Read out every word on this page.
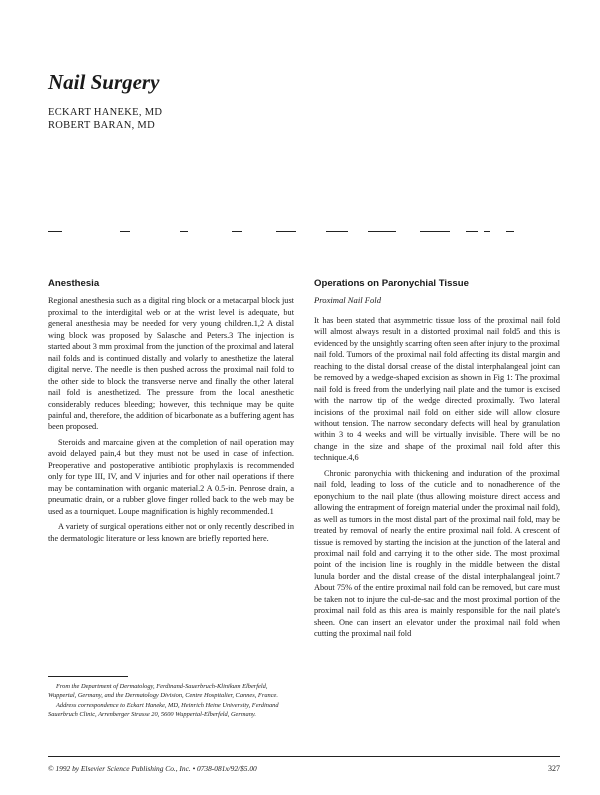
Nail Surgery
ECKART HANEKE, MD
ROBERT BARAN, MD
Anesthesia

Regional anesthesia such as a digital ring block or a metacarpal block just proximal to the interdigital web or at the wrist level is adequate, but general anesthesia may be needed for very young children.1,2 A distal wing block was proposed by Salasche and Peters.3 The injection is started about 3 mm proximal from the junction of the proximal and lateral nail folds and is continued distally and volarly to anesthetize the lateral digital nerve. The needle is then pushed across the proximal nail fold to the other side to block the transverse nerve and finally the other lateral nail fold is anesthetized. The pressure from the local anesthetic considerably reduces bleeding; however, this technique may be quite painful and, therefore, the addition of bicarbonate as a buffering agent has been proposed.

Steroids and marcaine given at the completion of nail operation may avoid delayed pain,4 but they must not be used in case of infection. Preoperative and postoperative antibiotic prophylaxis is recommended only for type III, IV, and V injuries and for other nail operations if there may be contamination with organic material.2 A 0.5-in. Penrose drain, a pneumatic drain, or a rubber glove finger rolled back to the web may be used as a tourniquet. Loupe magnification is highly recommended.1

A variety of surgical operations either not or only recently described in the dermatologic literature or less known are briefly reported here.

From the Department of Dermatology, Ferdinand-Sauerbruch-Klinikum Elberfeld, Wuppertal, Germany, and the Dermatology Division, Centre Hospitalier, Cannes, France.

Address correspondence to Eckart Haneke, MD, Heinrich Heine University, Ferdinand Sauerbruch Clinic, Arrenberger Strasse 20, 5600 Wuppertal-Elberfeld, Germany.

Operations on Paronychial Tissue
Proximal Nail Fold

It has been stated that asymmetric tissue loss of the proximal nail fold will almost always result in a distorted proximal nail fold5 and this is evidenced by the unsightly scarring often seen after injury to the proximal nail fold. Tumors of the proximal nail fold affecting its distal margin and reaching to the distal dorsal crease of the distal interphalangeal joint can be removed by a wedge-shaped excision as shown in Fig 1: The proximal nail fold is freed from the underlying nail plate and the tumor is excised with the narrow tip of the wedge directed proximally. Two lateral incisions of the proximal nail fold on either side will allow closure without tension. The narrow secondary defects will heal by granulation within 3 to 4 weeks and will be virtually invisible. There will be no change in the size and shape of the proximal nail fold after this technique.4,6

Chronic paronychia with thickening and induration of the proximal nail fold, leading to loss of the cuticle and to nonadherence of the eponychium to the nail plate (thus allowing moisture direct access and allowing the entrapment of foreign material under the proximal nail fold), as well as tumors in the most distal part of the proximal nail fold, may be treated by removal of nearly the entire proximal nail fold. A crescent of tissue is removed by starting the incision at the junction of the lateral and proximal nail fold and carrying it to the other side. The most proximal point of the incision line is roughly in the middle between the distal lunula border and the distal crease of the distal interphalangeal joint.7 About 75% of the entire proximal nail fold can be removed, but care must be taken not to injure the cul-de-sac and the most proximal portion of the proximal nail fold as this area is mainly responsible for the nail plate's sheen. One can insert an elevator under the proximal nail fold when cutting the proximal nail fold

© 1992 by Elsevier Science Publishing Co., Inc. • 0738-081x/92/$5.00	327
